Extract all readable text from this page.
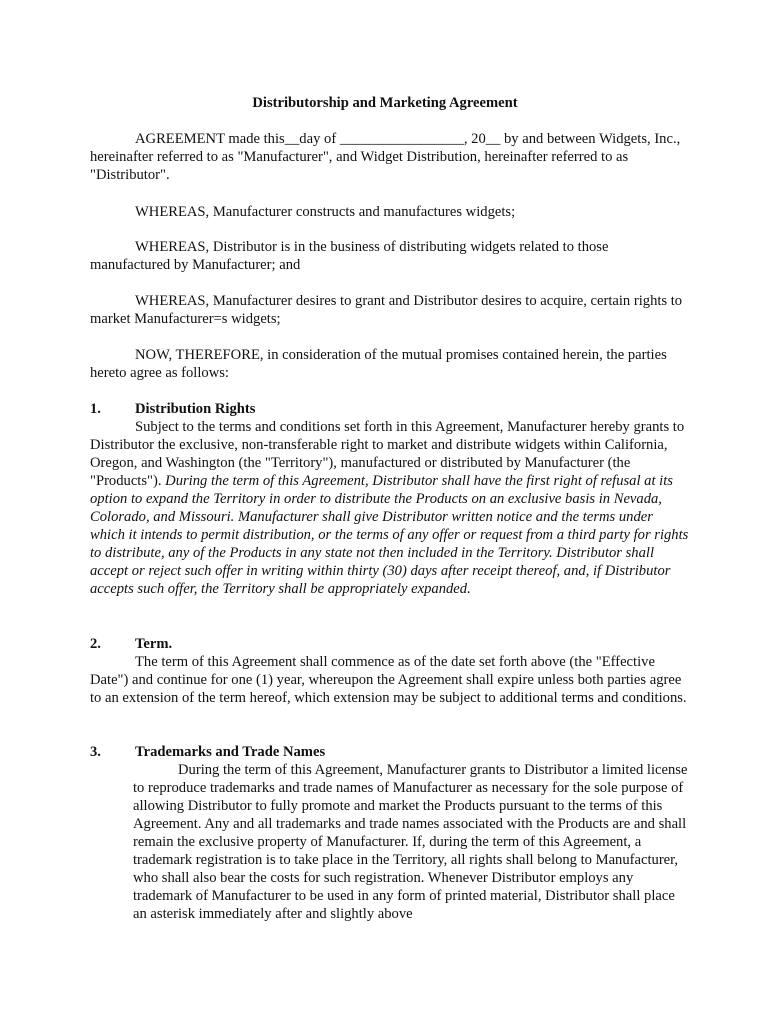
Distributorship and Marketing Agreement

AGREEMENT made this__day of _________________, 20__ by and between Widgets, Inc., hereinafter referred to as "Manufacturer", and Widget Distribution, hereinafter referred to as "Distributor".

WHEREAS, Manufacturer constructs and manufactures widgets;

WHEREAS, Distributor is in the business of distributing widgets related to those manufactured by Manufacturer; and

WHEREAS, Manufacturer desires to grant and Distributor desires to acquire, certain rights to market Manufacturer=s widgets;

NOW, THEREFORE, in consideration of the mutual promises contained herein, the parties hereto agree as follows:

1.	Distribution Rights

Subject to the terms and conditions set forth in this Agreement, Manufacturer hereby grants to Distributor the exclusive, non-transferable right to market and distribute widgets within California, Oregon, and Washington (the "Territory"), manufactured or distributed by Manufacturer (the "Products"). During the term of this Agreement, Distributor shall have the first right of refusal at its option to expand the Territory in order to distribute the Products on an exclusive basis in Nevada, Colorado, and Missouri. Manufacturer shall give Distributor written notice and the terms under which it intends to permit distribution, or the terms of any offer or request from a third party for rights to distribute, any of the Products in any state not then included in the Territory. Distributor shall accept or reject such offer in writing within thirty (30) days after receipt thereof, and, if Distributor accepts such offer, the Territory shall be appropriately expanded.

2.	Term.

The term of this Agreement shall commence as of the date set forth above (the "Effective Date") and continue for one (1) year, whereupon the Agreement shall expire unless both parties agree to an extension of the term hereof, which extension may be subject to additional terms and conditions.

3.	Trademarks and Trade Names

During the term of this Agreement, Manufacturer grants to Distributor a limited license to reproduce trademarks and trade names of Manufacturer as necessary for the sole purpose of allowing Distributor to fully promote and market the Products pursuant to the terms of this Agreement. Any and all trademarks and trade names associated with the Products are and shall remain the exclusive property of Manufacturer. If, during the term of this Agreement, a trademark registration is to take place in the Territory, all rights shall belong to Manufacturer, who shall also bear the costs for such registration. Whenever Distributor employs any trademark of Manufacturer to be used in any form of printed material, Distributor shall place an asterisk immediately after and slightly above
